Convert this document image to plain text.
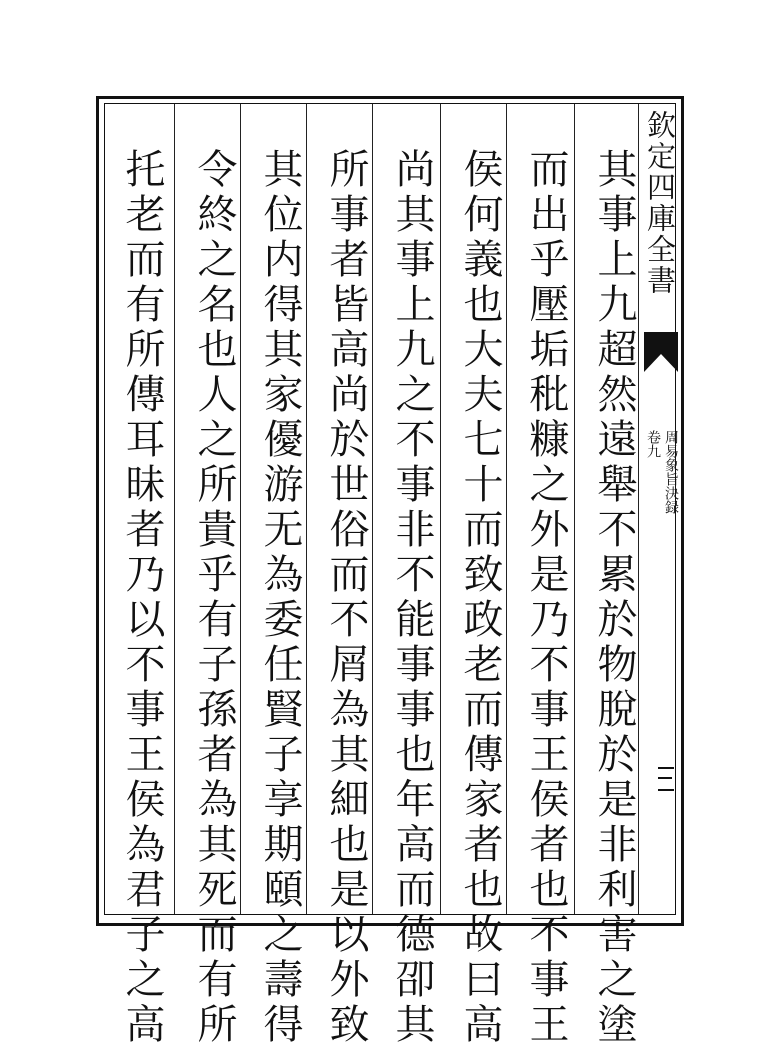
其事上九超然遠舉不累於物脫於是非利害之塗
而出乎壓垢秕糠之外是乃不事王侯者也不事王
侯何義也大夫七十而致政老而傳家者也故曰高
尚其事上九之不事非不能事事也年高而德卲其
所事者皆高尚於世俗而不屑為其細也是以外致
其位内得其家優游无為委任賢子享期頤之壽得
令終之名也人之所貴乎有子孫者為其死而有所
托老而有所傳耳昧者乃以不事王侯為君子之高	欽定四庫全書
周易象旨決録
卷九
